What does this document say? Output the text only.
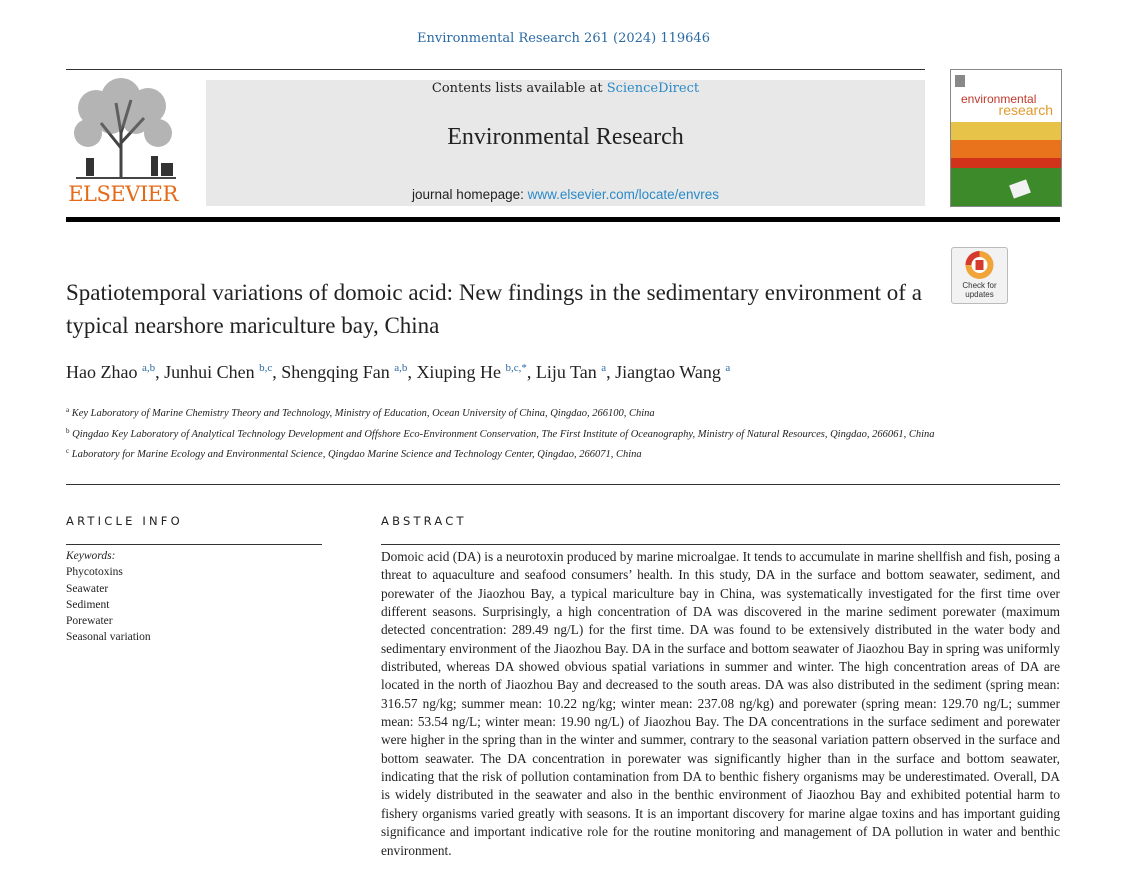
Environmental Research 261 (2024) 119646
ELSEVIER
Contents lists available at ScienceDirect
Environmental Research
journal homepage: www.elsevier.com/locate/envres
environmental
research
Check for
updates
Spatiotemporal variations of domoic acid: New findings in the sedimentary environment of a typical nearshore mariculture bay, China
Hao Zhao $^{a,b}$, Junhui Chen $^{b,c}$, Shengqing Fan $^{a,b}$, Xiuping He $^{b,c,*}$, Liju Tan $^a$, Jiangtao Wang $^a$
$^a$ Key Laboratory of Marine Chemistry Theory and Technology, Ministry of Education, Ocean University of China, Qingdao, 266100, China
$^b$ Qingdao Key Laboratory of Analytical Technology Development and Offshore Eco-Environment Conservation, The First Institute of Oceanography, Ministry of Natural Resources, Qingdao, 266061, China
$^c$ Laboratory for Marine Ecology and Environmental Science, Qingdao Marine Science and Technology Center, Qingdao, 266071, China
ARTICLE INFO	ABSTRACT
Keywords:
Phycotoxins
Seawater
Sediment
Porewater
Seasonal variation
Domoic acid (DA) is a neurotoxin produced by marine microalgae. It tends to accumulate in marine shellfish and fish, posing a threat to aquaculture and seafood consumers’ health. In this study, DA in the surface and bottom seawater, sediment, and porewater of the Jiaozhou Bay, a typical mariculture bay in China, was systematically investigated for the first time over different seasons. Surprisingly, a high concentration of DA was discovered in the marine sediment porewater (maximum detected concentration: 289.49 ng/L) for the first time. DA was found to be extensively distributed in the water body and sedimentary environment of the Jiaozhou Bay. DA in the surface and bottom seawater of Jiaozhou Bay in spring was uniformly distributed, whereas DA showed obvious spatial variations in summer and winter. The high concentration areas of DA are located in the north of Jiaozhou Bay and decreased to the south areas. DA was also distributed in the sediment (spring mean: 316.57 ng/kg; summer mean: 10.22 ng/kg; winter mean: 237.08 ng/kg) and porewater (spring mean: 129.70 ng/L; summer mean: 53.54 ng/L; winter mean: 19.90 ng/L) of Jiaozhou Bay. The DA concentrations in the surface sediment and porewater were higher in the spring than in the winter and summer, contrary to the seasonal variation pattern observed in the surface and bottom seawater. The DA concentration in porewater was significantly higher than in the surface and bottom seawater, indicating that the risk of pollution contamination from DA to benthic fishery organisms may be underestimated. Overall, DA is widely distributed in the seawater and also in the benthic environment of Jiaozhou Bay and exhibited potential harm to fishery organisms varied greatly with seasons. It is an important discovery for marine algae toxins and has important guiding significance and important indicative role for the routine monitoring and management of DA pollution in water and benthic environment.
